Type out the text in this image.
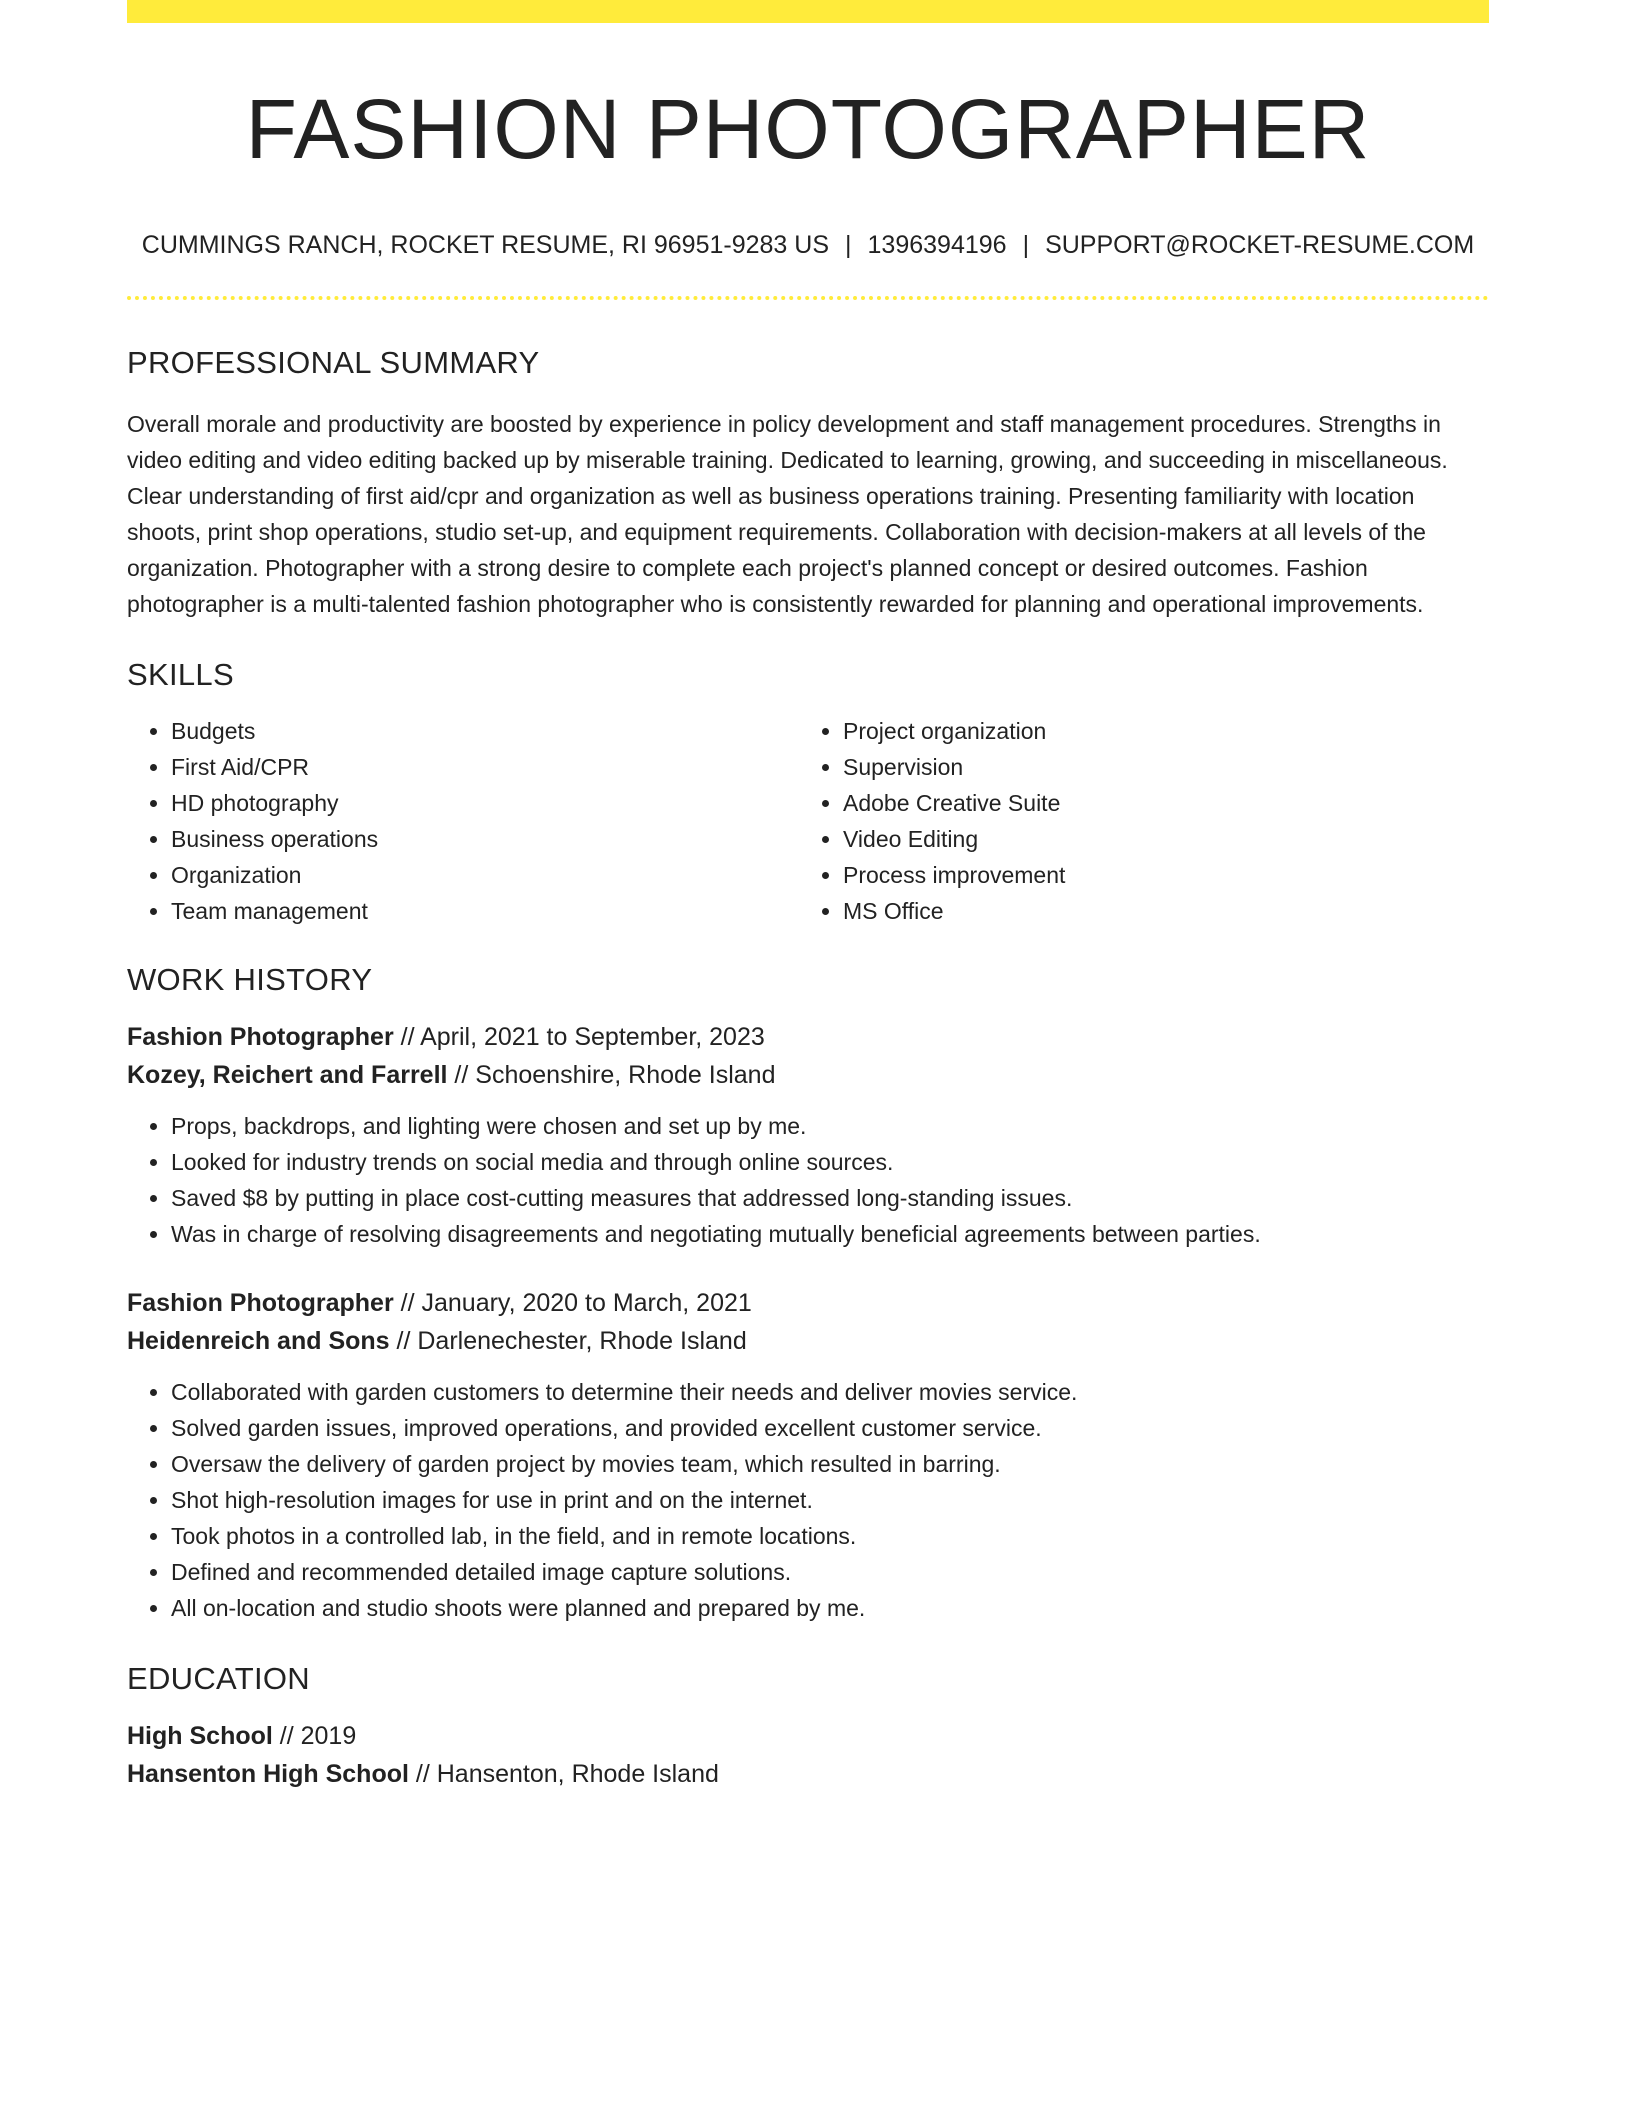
FASHION PHOTOGRAPHER
CUMMINGS RANCH, ROCKET RESUME, RI 96951-9283 US | 1396394196 | SUPPORT@ROCKET-RESUME.COM
PROFESSIONAL SUMMARY
Overall morale and productivity are boosted by experience in policy development and staff management procedures. Strengths in video editing and video editing backed up by miserable training. Dedicated to learning, growing, and succeeding in miscellaneous. Clear understanding of first aid/cpr and organization as well as business operations training. Presenting familiarity with location shoots, print shop operations, studio set-up, and equipment requirements. Collaboration with decision-makers at all levels of the organization. Photographer with a strong desire to complete each project's planned concept or desired outcomes. Fashion photographer is a multi-talented fashion photographer who is consistently rewarded for planning and operational improvements.
SKILLS
• Budgets
• First Aid/CPR
• HD photography
• Business operations
• Organization
• Team management
• Project organization
• Supervision
• Adobe Creative Suite
• Video Editing
• Process improvement
• MS Office
WORK HISTORY
Fashion Photographer // April, 2021 to September, 2023
Kozey, Reichert and Farrell // Schoenshire, Rhode Island
• Props, backdrops, and lighting were chosen and set up by me.
• Looked for industry trends on social media and through online sources.
• Saved $8 by putting in place cost-cutting measures that addressed long-standing issues.
• Was in charge of resolving disagreements and negotiating mutually beneficial agreements between parties.
Fashion Photographer // January, 2020 to March, 2021
Heidenreich and Sons // Darlenechester, Rhode Island
• Collaborated with garden customers to determine their needs and deliver movies service.
• Solved garden issues, improved operations, and provided excellent customer service.
• Oversaw the delivery of garden project by movies team, which resulted in barring.
• Shot high-resolution images for use in print and on the internet.
• Took photos in a controlled lab, in the field, and in remote locations.
• Defined and recommended detailed image capture solutions.
• All on-location and studio shoots were planned and prepared by me.
EDUCATION
High School // 2019
Hansenton High School // Hansenton, Rhode Island
